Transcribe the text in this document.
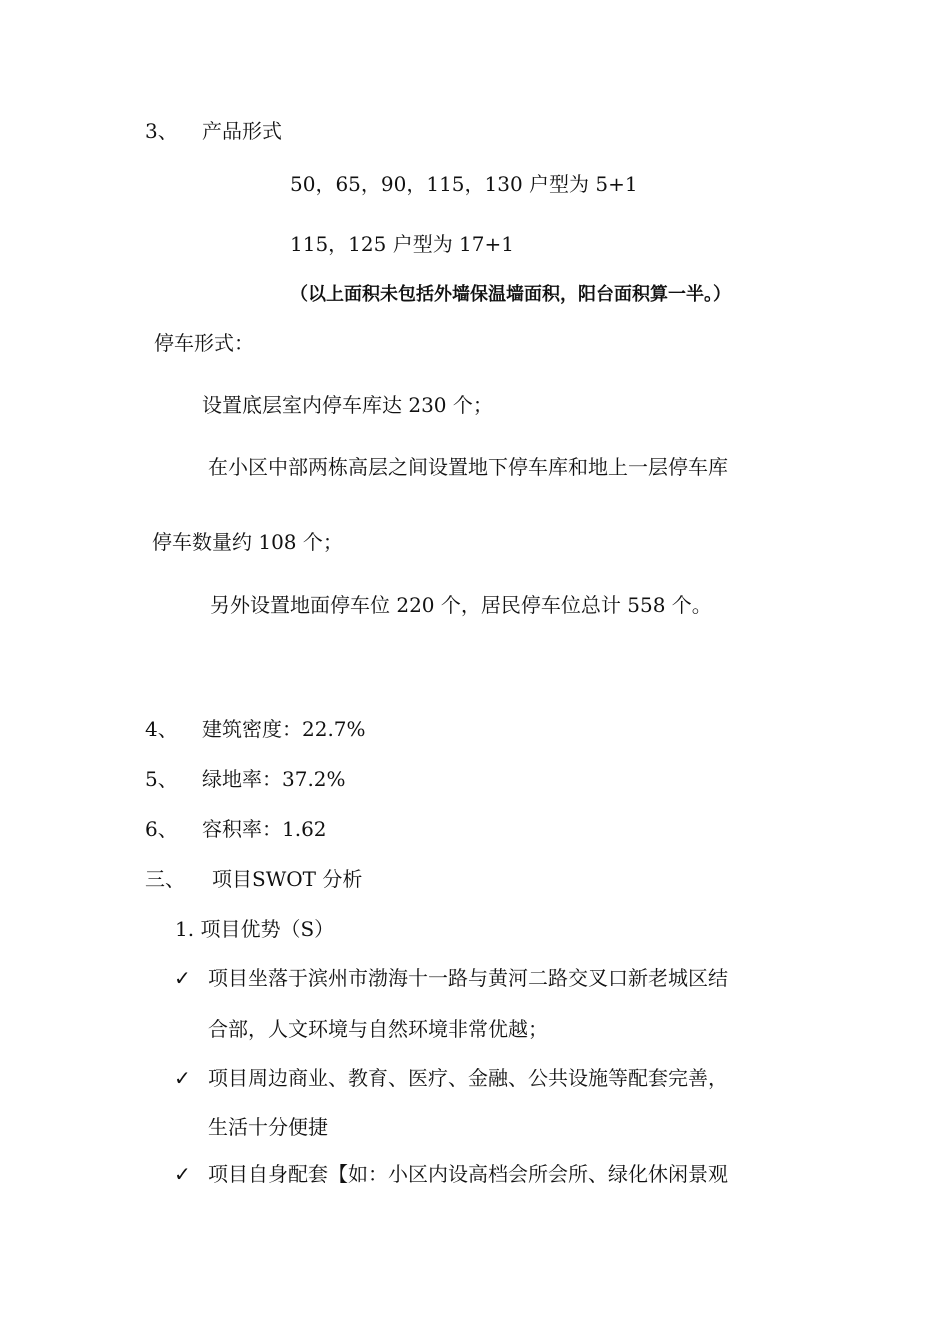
3、 产品形式
50，65，90，115，130 户型为 5+1
115，125 户型为 17+1
（以上面积未包括外墙保温墙面积，阳台面积算一半。）
停车形式：
设置底层室内停车库达 230 个；
在小区中部两栋高层之间设置地下停车库和地上一层停车库
停车数量约 108 个；
另外设置地面停车位 220 个，居民停车位总计 558 个。
4、 建筑密度：22.7%
5、 绿地率：37.2%
6、 容积率：1.62
三、 项目SWOT 分析
1. 项目优势（S）
✓ 项目坐落于滨州市渤海十一路与黄河二路交叉口新老城区结
合部，人文环境与自然环境非常优越；
✓ 项目周边商业、教育、医疗、金融、公共设施等配套完善，
生活十分便捷
✓ 项目自身配套【如：小区内设高档会所会所、绿化休闲景观
